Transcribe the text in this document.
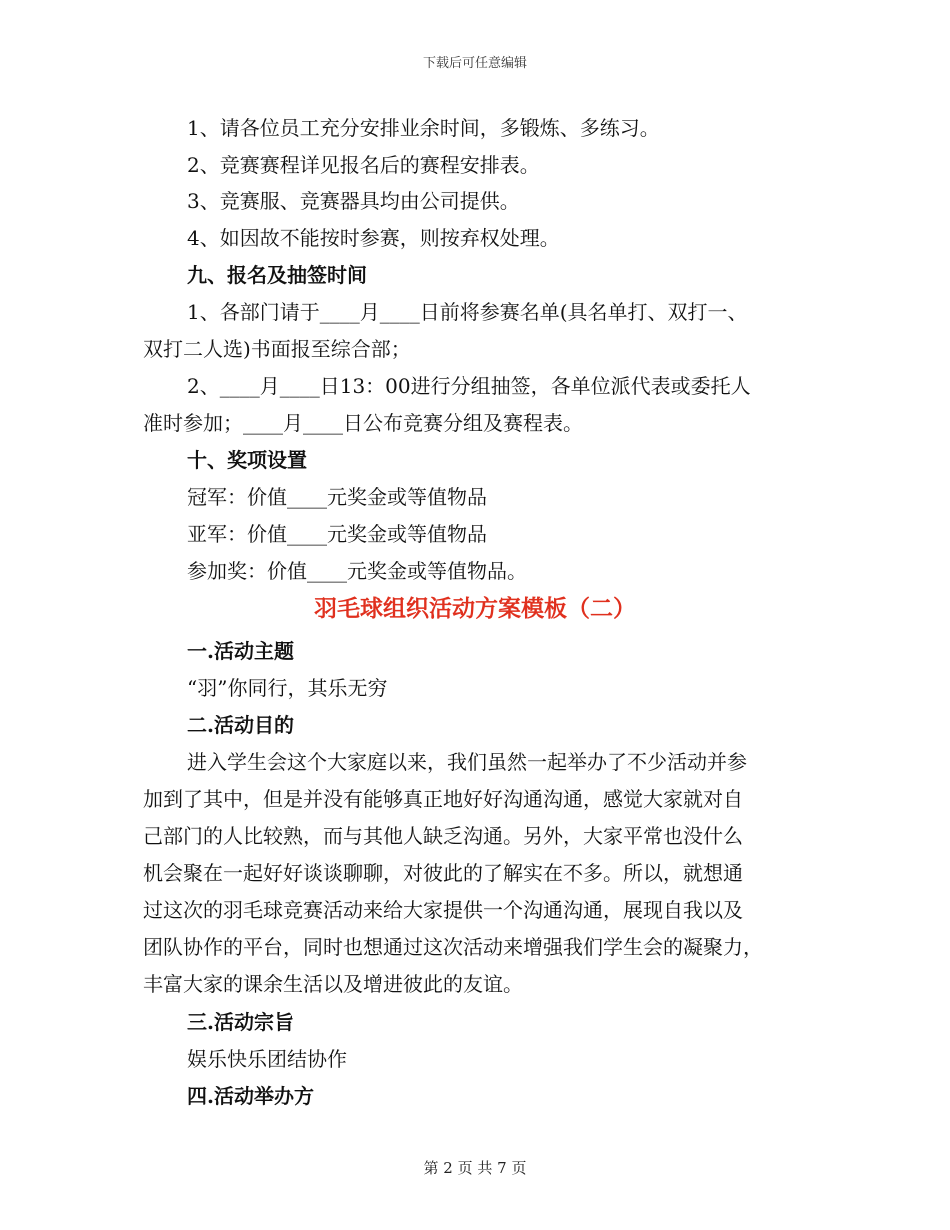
下载后可任意编辑
1、请各位员工充分安排业余时间，多锻炼、多练习。
2、竞赛赛程详见报名后的赛程安排表。
3、竞赛服、竞赛器具均由公司提供。
4、如因故不能按时参赛，则按弃权处理。
九、报名及抽签时间
1、各部门请于____月____日前将参赛名单(具名单打、双打一、
双打二人选)书面报至综合部；
2、____月____日13：00进行分组抽签，各单位派代表或委托人
准时参加；____月____日公布竞赛分组及赛程表。
十、奖项设置
冠军：价值____元奖金或等值物品
亚军：价值____元奖金或等值物品
参加奖：价值____元奖金或等值物品。
羽毛球组织活动方案模板（二）
一.活动主题
“羽”你同行，其乐无穷
二.活动目的
进入学生会这个大家庭以来，我们虽然一起举办了不少活动并参
加到了其中，但是并没有能够真正地好好沟通沟通，感觉大家就对自
己部门的人比较熟，而与其他人缺乏沟通。另外，大家平常也没什么
机会聚在一起好好谈谈聊聊，对彼此的了解实在不多。所以，就想通
过这次的羽毛球竞赛活动来给大家提供一个沟通沟通，展现自我以及
团队协作的平台，同时也想通过这次活动来增强我们学生会的凝聚力，
丰富大家的课余生活以及增进彼此的友谊。
三.活动宗旨
娱乐快乐团结协作
四.活动举办方
第 2 页 共 7 页
